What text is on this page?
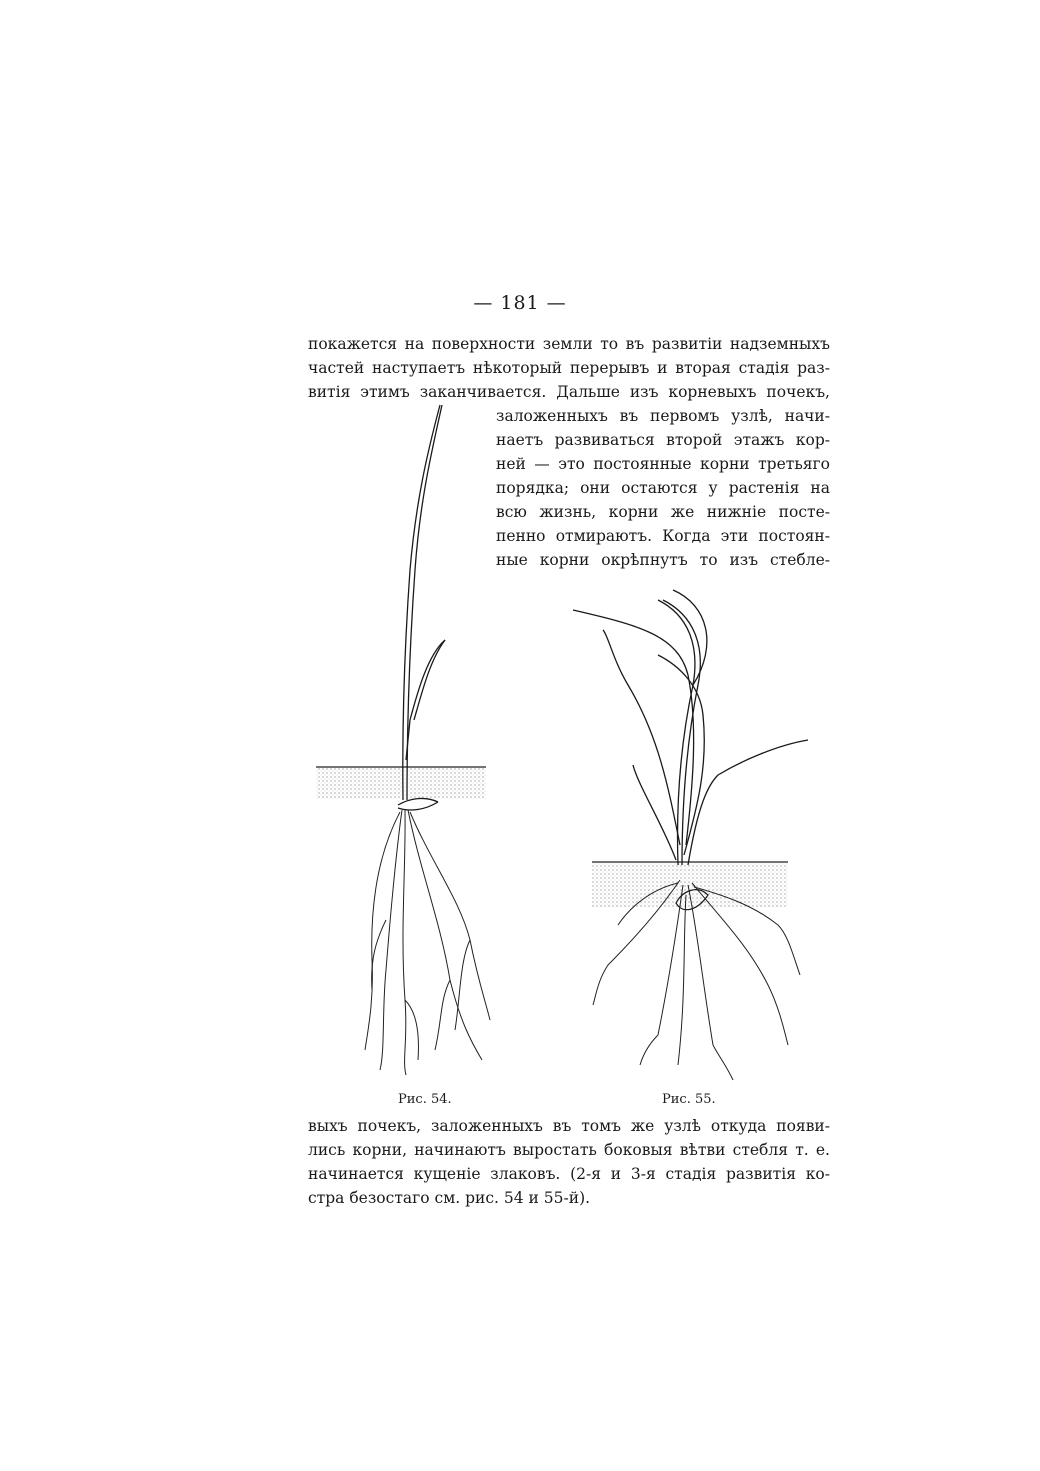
— 181 —
покажется на поверхности земли то въ развитіи надземныхъ
частей наступаетъ нѣкоторый перерывъ и вторая стадія раз-
витія этимъ заканчивается. Дальше изъ корневыхъ почекъ,
заложенныхъ въ первомъ узлѣ, начи-
наетъ развиваться второй этажъ кор-
ней — это постоянные корни третьяго
порядка; они остаются у растенія на
всю жизнь, корни же нижніе посте-
пенно отмираютъ. Когда эти постоян-
ные корни окрѣпнутъ то изъ стебле-
Рис. 54.	Рис. 55.
выхъ почекъ, заложенныхъ въ томъ же узлѣ откуда появи-
лись корни, начинаютъ выростать боковыя вѣтви стебля т. е.
начинается кущеніе злаковъ. (2-я и 3-я стадія развитія ко-
стра безостаго см. рис. 54 и 55-й).
